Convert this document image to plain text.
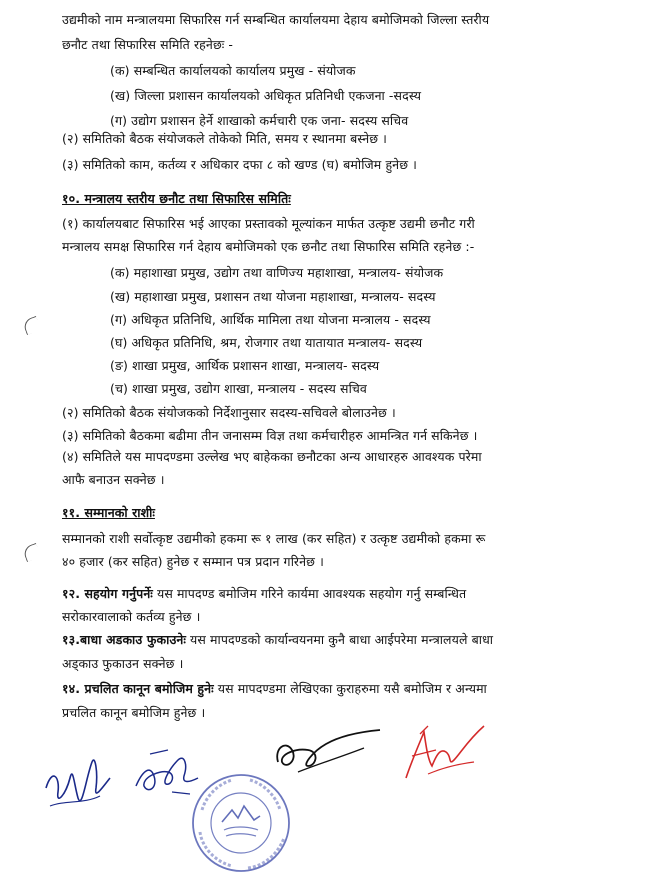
उद्यमीको नाम मन्त्रालयमा सिफारिस गर्न सम्बन्धित कार्यालयमा देहाय बमोजिमको जिल्ला स्तरीय
छनौट तथा सिफारिस समिति रहनेछः -
(क) सम्बन्धित कार्यालयको कार्यालय प्रमुख - संयोजक
(ख) जिल्ला प्रशासन कार्यालयको अधिकृत प्रतिनिधी एकजना -सदस्य
(ग) उद्योग प्रशासन हेर्ने शाखाको कर्मचारी एक जना- सदस्य सचिव
(२) समितिको बैठक संयोजकले तोकेको मिति, समय र स्थानमा बस्नेछ ।
(३) समितिको काम, कर्तव्य र अधिकार दफा ८ को खण्ड (घ) बमोजिम हुनेछ ।
१०. मन्त्रालय स्तरीय छनौट तथा सिफारिस समितिः
(१) कार्यालयबाट सिफारिस भई आएका प्रस्तावको मूल्यांकन मार्फत उत्कृष्ट उद्यमी छनौट गरी
मन्त्रालय समक्ष सिफारिस गर्न देहाय बमोजिमको एक छनौट तथा सिफारिस समिति रहनेछ :-
(क) महाशाखा प्रमुख, उद्योग तथा वाणिज्य महाशाखा, मन्त्रालय- संयोजक
(ख) महाशाखा प्रमुख, प्रशासन तथा योजना महाशाखा, मन्त्रालय- सदस्य
(ग) अधिकृत प्रतिनिधि, आर्थिक मामिला तथा योजना मन्त्रालय - सदस्य
(घ) अधिकृत प्रतिनिधि, श्रम, रोजगार तथा यातायात मन्त्रालय- सदस्य
(ङ) शाखा प्रमुख, आर्थिक प्रशासन शाखा, मन्त्रालय- सदस्य
(च) शाखा प्रमुख, उद्योग शाखा, मन्त्रालय - सदस्य सचिव
(२) समितिको बैठक संयोजकको निर्देशानुसार सदस्य-सचिवले बोलाउनेछ ।
(३) समितिको बैठकमा बढीमा तीन जनासम्म विज्ञ तथा कर्मचारीहरु आमन्त्रित गर्न सकिनेछ ।
(४) समितिले यस मापदण्डमा उल्लेख भए बाहेकका छनौटका अन्य आधारहरु आवश्यक परेमा
आफै बनाउन सक्नेछ ।
११. सम्मानको राशीः
सम्मानको राशी सर्वोत्कृष्ट उद्यमीको हकमा रू १ लाख (कर सहित) र उत्कृष्ट उद्यमीको हकमा रू
४० हजार (कर सहित) हुनेछ र सम्मान पत्र प्रदान गरिनेछ ।
१२. सहयोग गर्नुपर्नेः यस मापदण्ड बमोजिम गरिने कार्यमा आवश्यक सहयोग गर्नु सम्बन्धित
सरोकारवालाको कर्तव्य हुनेछ ।
१३.बाधा अडकाउ फुकाउनेः यस मापदण्डको कार्यान्वयनमा कुनै बाधा आईपरेमा मन्त्रालयले बाधा
अड्काउ फुकाउन सक्नेछ ।
१४. प्रचलित कानून बमोजिम हुनेः यस मापदण्डमा लेखिएका कुराहरुमा यसै बमोजिम र अन्यमा
प्रचलित कानून बमोजिम हुनेछ ।
